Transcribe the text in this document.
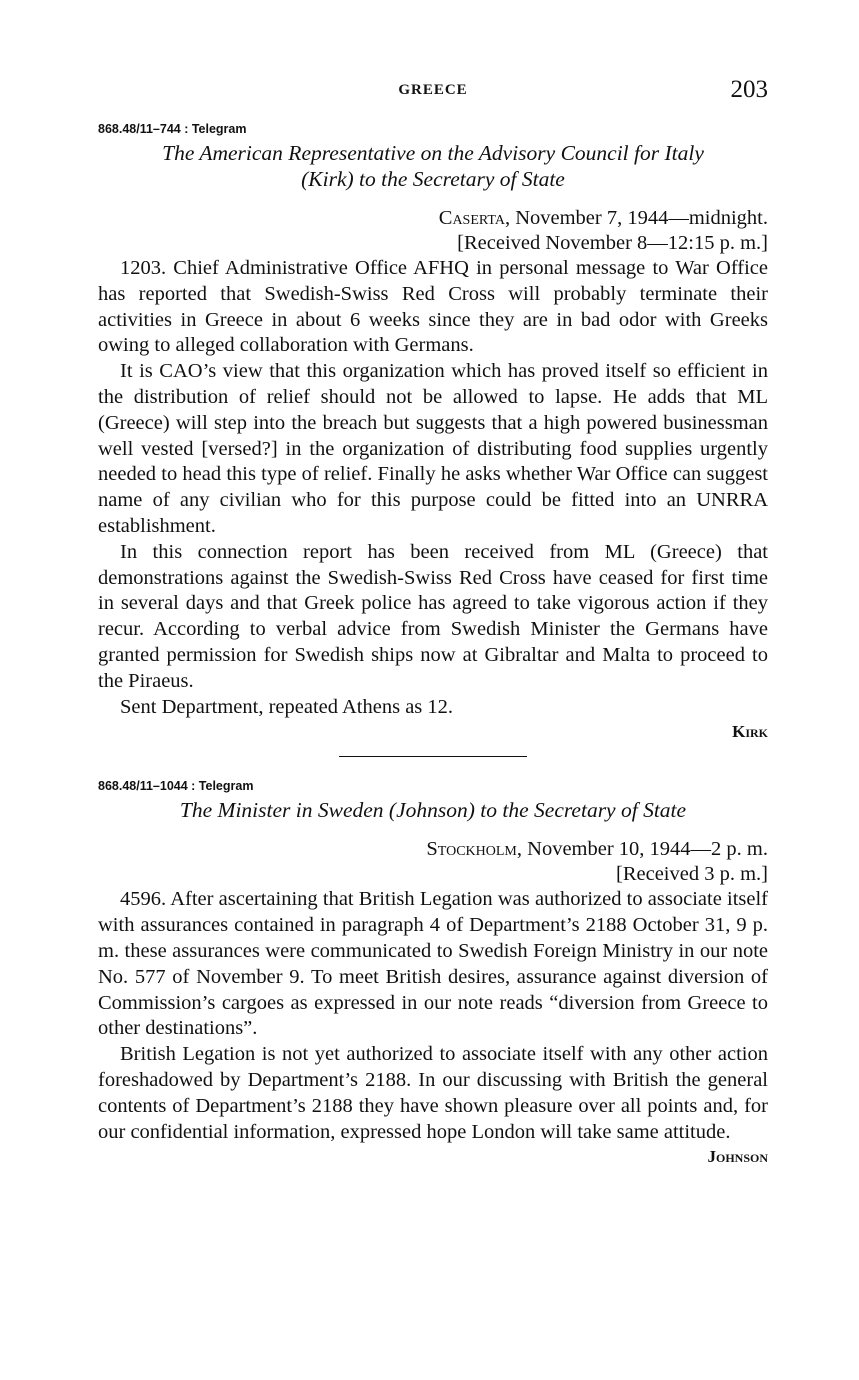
GREECE	203
868.48/11–744 : Telegram
The American Representative on the Advisory Council for Italy
(Kirk) to the Secretary of State
Caserta, November 7, 1944—midnight.
[Received November 8—12:15 p. m.]

1203. Chief Administrative Office AFHQ in personal message to War Office has reported that Swedish-Swiss Red Cross will probably terminate their activities in Greece in about 6 weeks since they are in bad odor with Greeks owing to alleged collaboration with Germans.

It is CAO’s view that this organization which has proved itself so efficient in the distribution of relief should not be allowed to lapse. He adds that ML (Greece) will step into the breach but suggests that a high powered businessman well vested [versed?] in the organization of distributing food supplies urgently needed to head this type of relief. Finally he asks whether War Office can suggest name of any civilian who for this purpose could be fitted into an UNRRA establishment.

In this connection report has been received from ML (Greece) that demonstrations against the Swedish-Swiss Red Cross have ceased for first time in several days and that Greek police has agreed to take vigorous action if they recur. According to verbal advice from Swedish Minister the Germans have granted permission for Swedish ships now at Gibraltar and Malta to proceed to the Piraeus.

Sent Department, repeated Athens as 12.

Kirk
868.48/11–1044 : Telegram
The Minister in Sweden (Johnson) to the Secretary of State
Stockholm, November 10, 1944—2 p. m.
[Received 3 p. m.]

4596. After ascertaining that British Legation was authorized to associate itself with assurances contained in paragraph 4 of Department’s 2188 October 31, 9 p. m. these assurances were communicated to Swedish Foreign Ministry in our note No. 577 of November 9. To meet British desires, assurance against diversion of Commission’s cargoes as expressed in our note reads “diversion from Greece to other destinations”.

British Legation is not yet authorized to associate itself with any other action foreshadowed by Department’s 2188. In our discussing with British the general contents of Department’s 2188 they have shown pleasure over all points and, for our confidential information, expressed hope London will take same attitude.

Johnson
